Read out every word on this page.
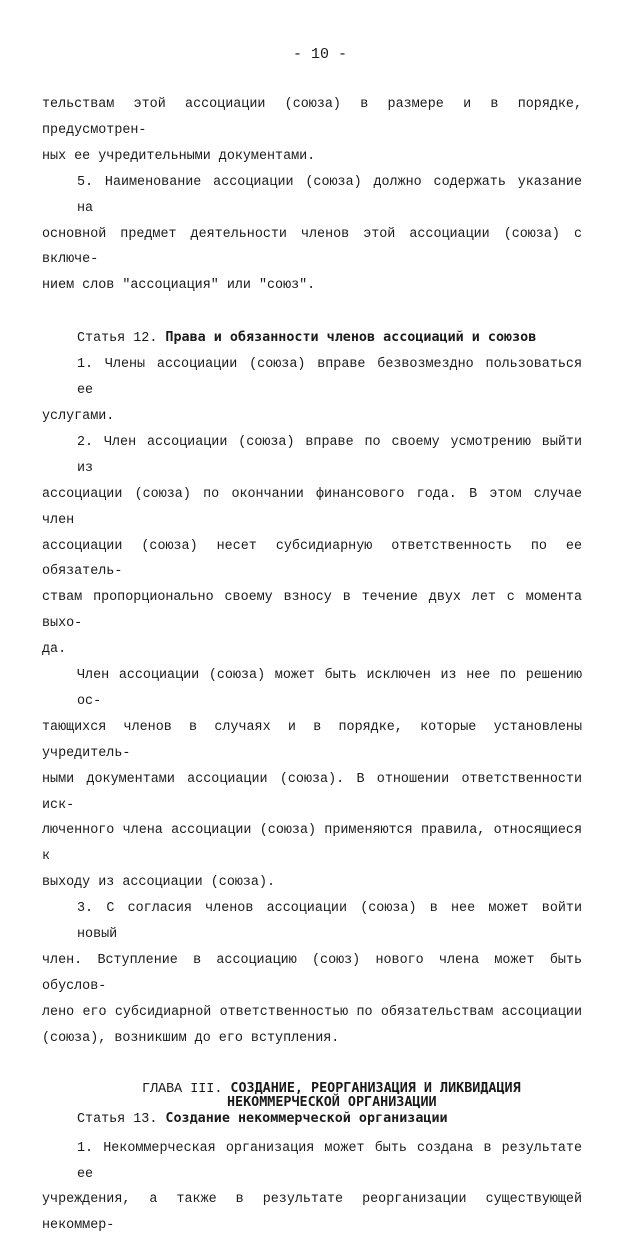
- 10 -
тельствам этой ассоциации (союза) в размере и в порядке, предусмотрен-
ных ее учредительными документами.
5. Наименование ассоциации (союза) должно содержать указание на
основной предмет деятельности членов этой ассоциации (союза) с включе-
нием слов "ассоциация" или "союз".
Статья 12. Права и обязанности членов ассоциаций и союзов
1. Члены ассоциации (союза) вправе безвозмездно пользоваться ее
услугами.
2. Член ассоциации (союза) вправе по своему усмотрению выйти из
ассоциации (союза) по окончании финансового года. В этом случае член
ассоциации (союза) несет субсидиарную ответственность по ее обязатель-
ствам пропорционально своему взносу в течение двух лет с момента выхо-
да.
Член ассоциации (союза) может быть исключен из нее по решению ос-
тающихся членов в случаях и в порядке, которые установлены учредитель-
ными документами ассоциации (союза). В отношении ответственности иск-
люченного члена ассоциации (союза) применяются правила, относящиеся к
выходу из ассоциации (союза).
3. С согласия членов ассоциации (союза) в нее может войти новый
член. Вступление в ассоциацию (союз) нового члена может быть обуслов-
лено его субсидиарной ответственностью по обязательствам ассоциации
(союза), возникшим до его вступления.
ГЛАВА III. СОЗДАНИЕ, РЕОРГАНИЗАЦИЯ И ЛИКВИДАЦИЯ
НЕКОММЕРЧЕСКОЙ ОРГАНИЗАЦИИ
Статья 13. Создание некоммерческой организации
1. Некоммерческая организация может быть создана в результате ее
учреждения, а также в результате реорганизации существующей некоммер-
